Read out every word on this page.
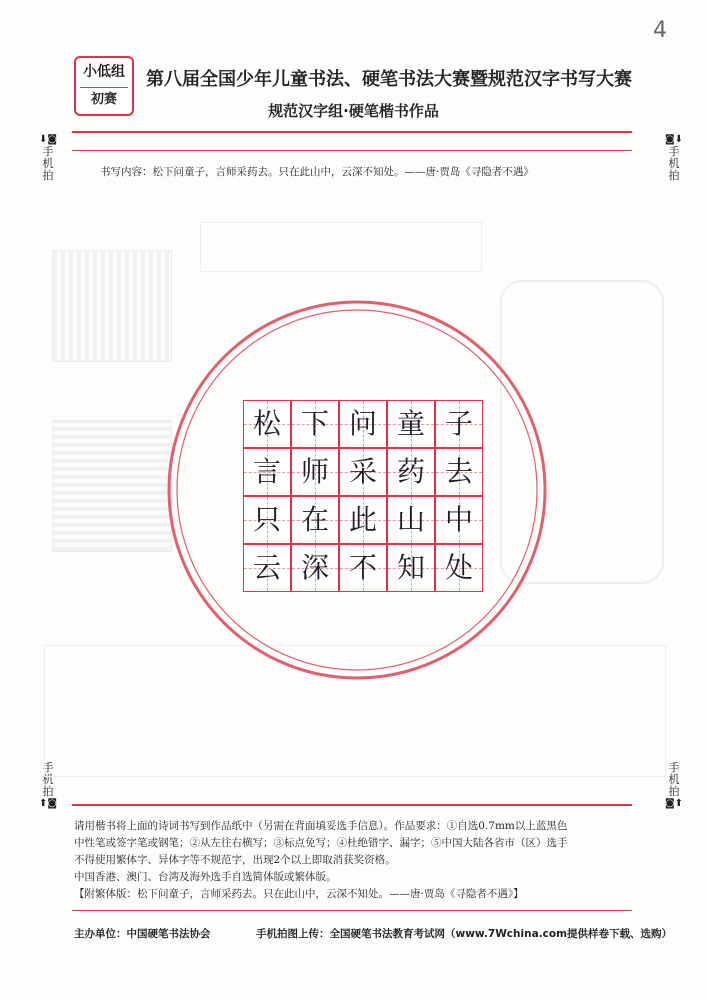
小低组
初赛
第八届全国少年儿童书法、硬笔书法大赛暨规范汉字书写大赛
规范汉字组·硬笔楷书作品
4
⬇◙
手机拍
◙⬇
手机拍
手机拍
⬆◙
手机拍
◙⬆
书写内容：松下问童子，言师采药去。只在此山中，云深不知处。——唐·贾岛《寻隐者不遇》
松 下 问 童 子
言 师 采 药 去
只 在 此 山 中
云 深 不 知 处

请用楷书将上面的诗词书写到作品纸中（另需在背面填妥选手信息）。作品要求：①自选0.7mm以上蓝黑色

中性笔或签字笔或钢笔；②从左往右横写；③标点免写；④杜绝错字、漏字；⑤中国大陆各省市（区）选手

不得使用繁体字、异体字等不规范字，出现2个以上即取消获奖资格。

中国香港、澳门、台湾及海外选手自选简体版或繁体版。

【附繁体版：松下问童子，言师采药去。只在此山中，云深不知处。——唐·贾岛《寻隐者不遇》】

主办单位：中国硬笔书法协会	手机拍图上传：全国硬笔书法教育考试网（www.7Wchina.com提供样卷下载、选购）
